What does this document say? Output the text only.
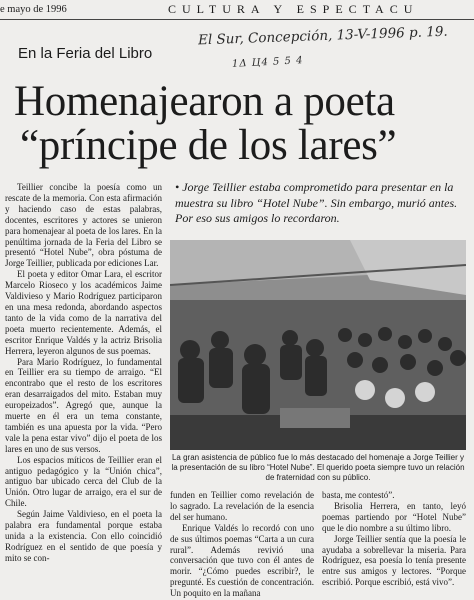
e mayo de 1996	CULTURA Y ESPECTACU
El Sur, Concepción, 13-V-1996 p. 19.
1Δ Ц4 5 5 4
En la Feria del Libro
Homenajearon a poeta
“príncipe de los lares”
• Jorge Teillier estaba comprometido para presentar en la muestra su libro “Hotel Nube”. Sin embargo, murió antes. Por eso sus amigos lo recordaron.

Teillier concibe la poesía como un rescate de la memoria. Con esta afirmación y haciendo caso de estas palabras, docentes, escritores y actores se unieron para homenajear al poeta de los lares. En la penúltima jornada de la Feria del Libro se presentó “Hotel Nube”, obra póstuma de Jorge Teillier, publicada por ediciones Lar.

El poeta y editor Omar Lara, el escritor Marcelo Rioseco y los académicos Jaime Valdivieso y Mario Rodríguez participaron en una mesa redonda, abordando aspectos tanto de la vida como de la narrativa del poeta muerto recientemente. Además, el escritor Enrique Valdés y la actriz Brisolia Herrera, leyeron algunos de sus poemas.

Para Mario Rodríguez, lo fundamental en Teillier era su tiempo de arraigo. “El encontrabo que el resto de los escritores eran desarraigados del mito. Estaban muy europeizados”. Agregó que, aunque la muerte en él era un tema constante, también es una apuesta por la vida. “Pero vale la pena estar vivo” dijo el poeta de los lares en uno de sus versos.

Los espacios míticos de Teillier eran el antiguo pedagógico y la “Unión chica”, antiguo bar ubicado cerca del Club de la Unión. Otro lugar de arraigo, era el sur de Chile.

Según Jaime Valdivieso, en el poeta la palabra era fundamental porque estaba unida a la existencia. Con ello coincidió Rodríguez en el sentido de que poesía y mito se con-

La gran asistencia de público fue lo más destacado del homenaje a Jorge Teillier y la presentación de su libro “Hotel Nube”. El querido poeta siempre tuvo un relación de fraternidad con su público.

funden en Teillier como revelación de lo sagrado. La revelación de la esencia del ser humano.

Enrique Valdés lo recordó con uno de sus últimos poemas “Carta a un cura rural”. Además revivió una conversación que tuvo con él antes de morir. “¿Cómo puedes escribir?, le pregunté. Es cuestión de concentración. Un poquito en la mañana

basta, me contestó”.

Brisolia Herrera, en tanto, leyó poemas partiendo por “Hotel Nube” que le dio nombre a su último libro.

Jorge Teillier sentía que la poesía le ayudaba a sobrellevar la miseria. Para Rodríguez, esa poesía lo tenía presente entre sus amigos y lectores. “Porque escribió. Porque escribió, está vivo”.
